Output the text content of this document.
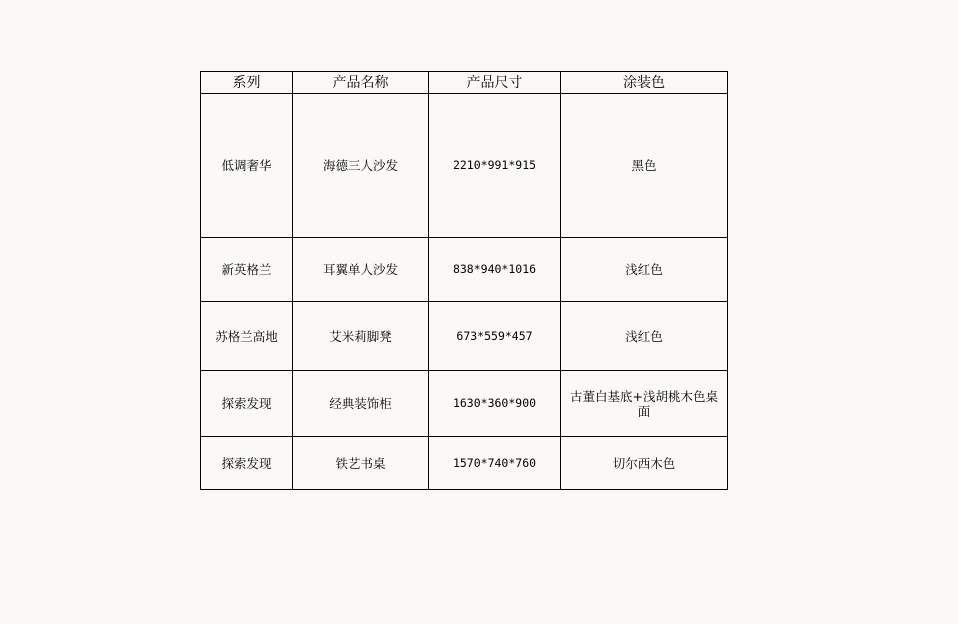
系列	产品名称	产品尺寸	涂装色
低调奢华	海德三人沙发	2210*991*915	黑色
新英格兰	耳翼单人沙发	838*940*1016	浅红色
苏格兰高地	艾米莉脚凳	673*559*457	浅红色
探索发现	经典装饰柜	1630*360*900	古董白基底+浅胡桃木色桌面
探索发现	铁艺书桌	1570*740*760	切尔西木色
